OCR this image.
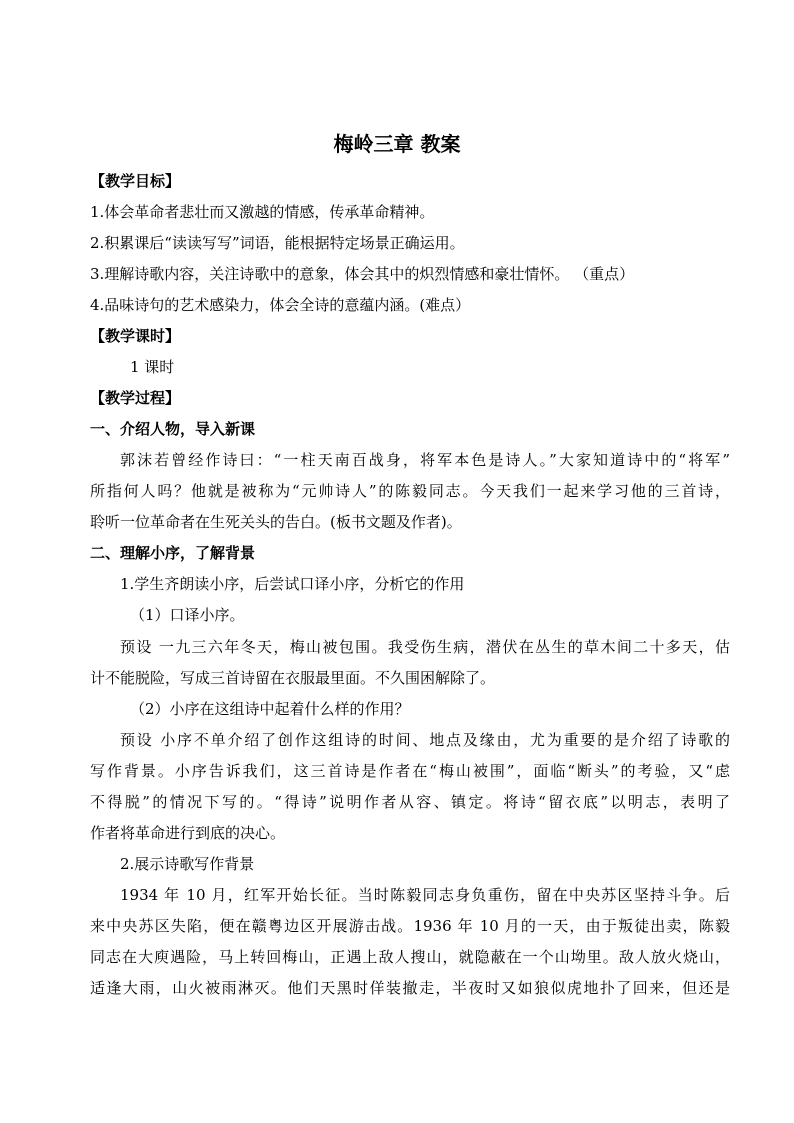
梅岭三章 教案
【教学目标】
1.体会革命者悲壮而又激越的情感，传承革命精神。
2.积累课后“读读写写”词语，能根据特定场景正确运用。
3.理解诗歌内容，关注诗歌中的意象，体会其中的炽烈情感和豪壮情怀。 （重点）
4.品味诗句的艺术感染力，体会全诗的意蕴内涵。(难点）
【教学课时】
1 课时
【教学过程】
一、介绍人物，导入新课
郭沫若曾经作诗曰：“一柱天南百战身，将军本色是诗人。”大家知道诗中的“将军”
所指何人吗？他就是被称为“元帅诗人”的陈毅同志。今天我们一起来学习他的三首诗，
聆听一位革命者在生死关头的告白。(板书文题及作者)。
二、理解小序，了解背景
1.学生齐朗读小序，后尝试口译小序，分析它的作用
（1）口译小序。
预设 一九三六年冬天，梅山被包围。我受伤生病，潜伏在丛生的草木间二十多天，估
计不能脱险，写成三首诗留在衣服最里面。不久围困解除了。
（2）小序在这组诗中起着什么样的作用？
预设 小序不单介绍了创作这组诗的时间、地点及缘由，尤为重要的是介绍了诗歌的
写作背景。小序告诉我们，这三首诗是作者在“梅山被围”，面临“断头”的考验，又“虑
不得脱”的情况下写的。“得诗”说明作者从容、镇定。将诗“留衣底”以明志，表明了
作者将革命进行到底的决心。
2.展示诗歌写作背景
1934 年 10 月，红军开始长征。当时陈毅同志身负重伤，留在中央苏区坚持斗争。后
来中央苏区失陷，便在赣粤边区开展游击战。1936 年 10 月的一天，由于叛徒出卖，陈毅
同志在大庾遇险，马上转回梅山，正遇上敌人搜山，就隐蔽在一个山坳里。敌人放火烧山，
适逢大雨，山火被雨淋灭。他们天黑时佯装撤走，半夜时又如狼似虎地扑了回来，但还是
